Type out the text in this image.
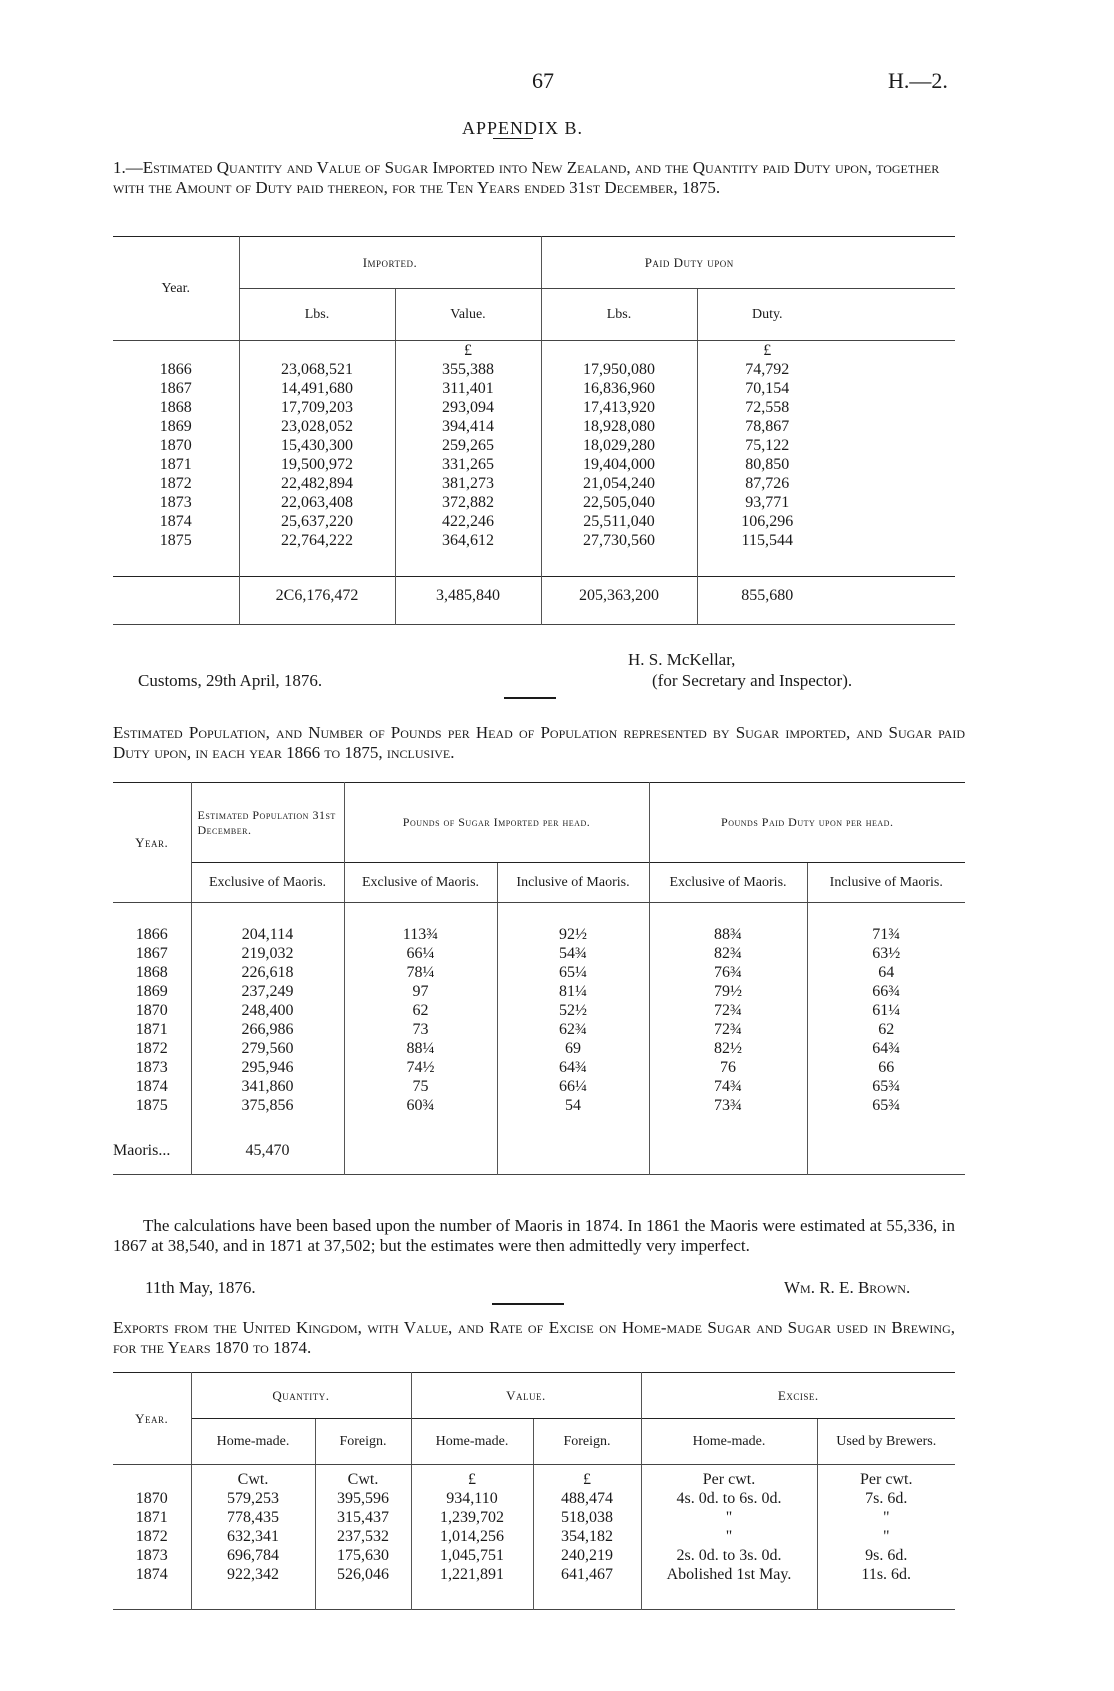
67	H.—2.
APPENDIX B.
1.—Estimated Quantity and Value of Sugar Imported into New Zealand, and the Quantity paid Duty upon, together with the Amount of Duty paid thereon, for the Ten Years ended 31st December, 1875.
Year.	Imported.		Paid Duty upon		
	Lbs.	Value.	Lbs.	Duty.	
		£		£	
1866	23,068,521	355,388	17,950,080	74,792	
1867	14,491,680	311,401	16,836,960	70,154	
1868	17,709,203	293,094	17,413,920	72,558	
1869	23,028,052	394,414	18,928,080	78,867	
1870	15,430,300	259,265	18,029,280	75,122	
1871	19,500,972	331,265	19,404,000	80,850	
1872	22,482,894	381,273	21,054,240	87,726	
1873	22,063,408	372,882	22,505,040	93,771	
1874	25,637,220	422,246	25,511,040	106,296	
1875	22,764,222	364,612	27,730,560	115,544	

	2C6,176,472	3,485,840	205,363,200	855,680	

H. S. McKellar,
Customs, 29th April, 1876.	(for Secretary and Inspector).
Estimated Population, and Number of Pounds per Head of Population represented by Sugar imported, and Sugar paid Duty upon, in each year 1866 to 1875, inclusive.
Year.	Estimated Population 31st December.	Pounds of Sugar Imported per head.		Pounds Paid Duty upon per head.	
	Exclusive of Maoris.	Exclusive of Maoris.	Inclusive of Maoris.	Exclusive of Maoris.	Inclusive of Maoris.

1866	204,114	113¾	92½	88¾	71¾
1867	219,032	66¼	54¾	82¾	63½
1868	226,618	78¼	65¼	76¾	64
1869	237,249	97	81¼	79½	66¾
1870	248,400	62	52½	72¾	61¼
1871	266,986	73	62¾	72¾	62
1872	279,560	88¼	69	82½	64¾
1873	295,946	74½	64¾	76	66
1874	341,860	75	66¼	74¾	65¾
1875	375,856	60¾	54	73¾	65¾

Maoris...	45,470				

The calculations have been based upon the number of Maoris in 1874. In 1861 the Maoris were estimated at 55,336, in 1867 at 38,540, and in 1871 at 37,502; but the estimates were then admittedly very imperfect.
11th May, 1876.	Wm. R. E. Brown.
Exports from the United Kingdom, with Value, and Rate of Excise on Home-made Sugar and Sugar used in Brewing, for the Years 1870 to 1874.
Year.	Quantity.		Value.		Excise.	
	Home-made.	Foreign.	Home-made.	Foreign.	Home-made.	Used by Brewers.
	Cwt.	Cwt.	£	£	Per cwt.	Per cwt.
1870	579,253	395,596	934,110	488,474	4s. 0d. to 6s. 0d.	7s. 6d.
1871	778,435	315,437	1,239,702	518,038	"	"
1872	632,341	237,532	1,014,256	354,182	"	"
1873	696,784	175,630	1,045,751	240,219	2s. 0d. to 3s. 0d.	9s. 6d.
1874	922,342	526,046	1,221,891	641,467	Abolished 1st May.	11s. 6d.
